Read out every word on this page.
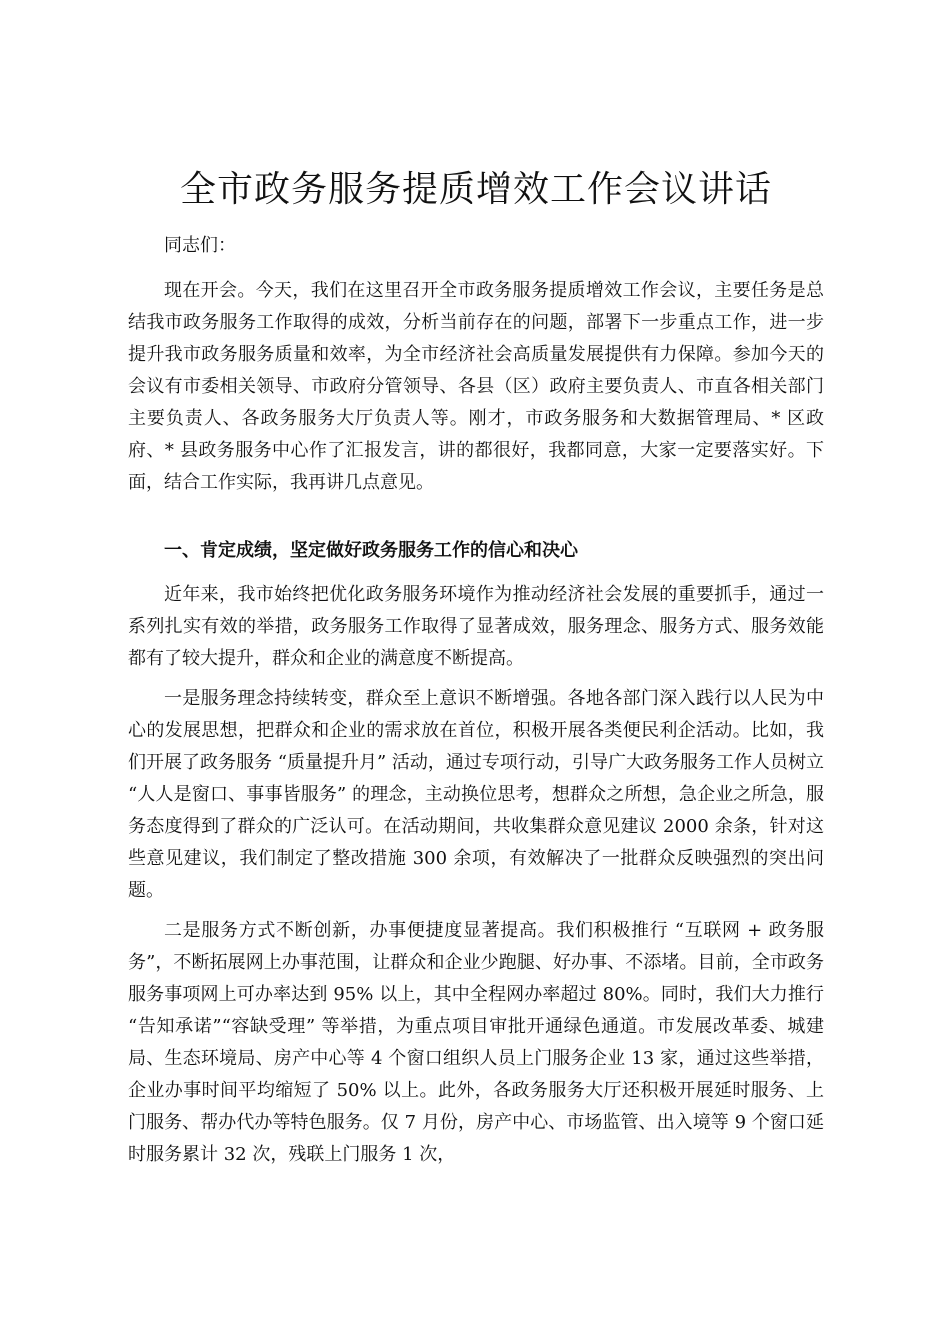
全市政务服务提质增效工作会议讲话

同志们：

现在开会。今天，我们在这里召开全市政务服务提质增效工作会议，主要任务是总结我市政务服务工作取得的成效，分析当前存在的问题，部署下一步重点工作，进一步提升我市政务服务质量和效率，为全市经济社会高质量发展提供有力保障。参加今天的会议有市委相关领导、市政府分管领导、各县（区）政府主要负责人、市直各相关部门主要负责人、各政务服务大厅负责人等。刚才，市政务服务和大数据管理局、* 区政府、* 县政务服务中心作了汇报发言，讲的都很好，我都同意，大家一定要落实好。下面，结合工作实际，我再讲几点意见。

一、肯定成绩，坚定做好政务服务工作的信心和决心

近年来，我市始终把优化政务服务环境作为推动经济社会发展的重要抓手，通过一系列扎实有效的举措，政务服务工作取得了显著成效，服务理念、服务方式、服务效能都有了较大提升，群众和企业的满意度不断提高。

一是服务理念持续转变，群众至上意识不断增强。各地各部门深入践行以人民为中心的发展思想，把群众和企业的需求放在首位，积极开展各类便民利企活动。比如，我们开展了政务服务 “质量提升月” 活动，通过专项行动，引导广大政务服务工作人员树立 “人人是窗口、事事皆服务” 的理念，主动换位思考，想群众之所想，急企业之所急，服务态度得到了群众的广泛认可。在活动期间，共收集群众意见建议 2000 余条，针对这些意见建议，我们制定了整改措施 300 余项，有效解决了一批群众反映强烈的突出问题。

二是服务方式不断创新，办事便捷度显著提高。我们积极推行 “互联网 + 政务服务”，不断拓展网上办事范围，让群众和企业少跑腿、好办事、不添堵。目前，全市政务服务事项网上可办率达到 95% 以上，其中全程网办率超过 80%。同时，我们大力推行 “告知承诺”“容缺受理” 等举措，为重点项目审批开通绿色通道。市发展改革委、城建局、生态环境局、房产中心等 4 个窗口组织人员上门服务企业 13 家，通过这些举措，企业办事时间平均缩短了 50% 以上。此外，各政务服务大厅还积极开展延时服务、上门服务、帮办代办等特色服务。仅 7 月份，房产中心、市场监管、出入境等 9 个窗口延时服务累计 32 次，残联上门服务 1 次，
